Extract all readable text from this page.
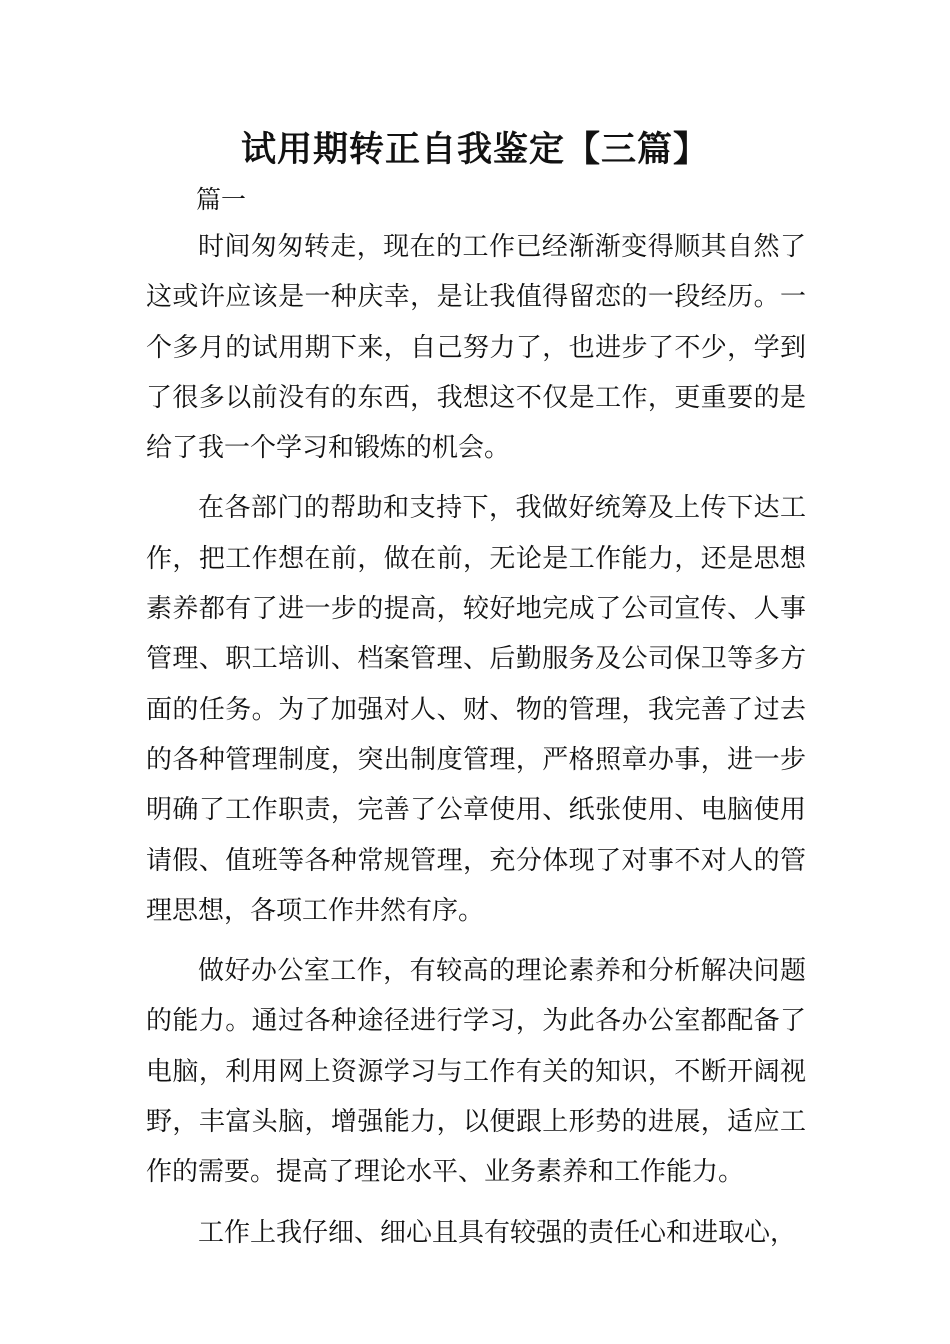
试用期转正自我鉴定【三篇】

篇一

时间匆匆转走，现在的工作已经渐渐变得顺其自然了这或许应该是一种庆幸，是让我值得留恋的一段经历。一个多月的试用期下来，自己努力了，也进步了不少，学到了很多以前没有的东西，我想这不仅是工作，更重要的是给了我一个学习和锻炼的机会。

在各部门的帮助和支持下，我做好统筹及上传下达工作，把工作想在前，做在前，无论是工作能力，还是思想素养都有了进一步的提高，较好地完成了公司宣传、人事管理、职工培训、档案管理、后勤服务及公司保卫等多方面的任务。为了加强对人、财、物的管理，我完善了过去的各种管理制度，突出制度管理，严格照章办事，进一步明确了工作职责，完善了公章使用、纸张使用、电脑使用请假、值班等各种常规管理，充分体现了对事不对人的管理思想，各项工作井然有序。

做好办公室工作，有较高的理论素养和分析解决问题的能力。通过各种途径进行学习，为此各办公室都配备了电脑，利用网上资源学习与工作有关的知识，不断开阔视野，丰富头脑，增强能力，以便跟上形势的进展，适应工作的需要。提高了理论水平、业务素养和工作能力。

工作上我仔细、细心且具有较强的责任心和进取心，
